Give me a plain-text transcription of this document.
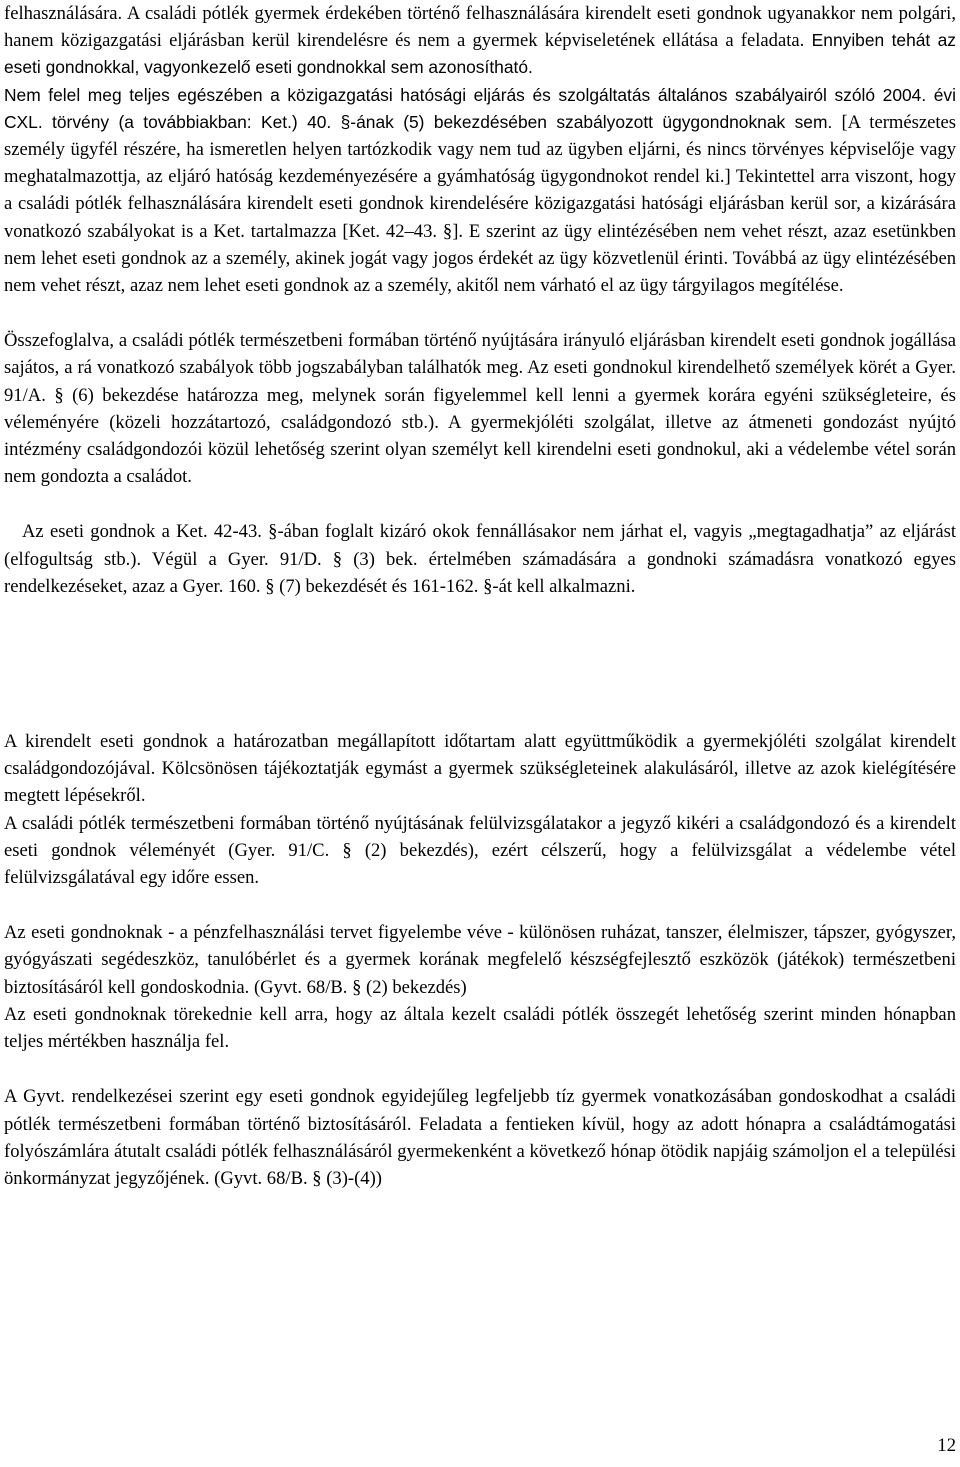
felhasználására. A családi pótlék gyermek érdekében történő felhasználására kirendelt eseti gondnok ugyanakkor nem polgári, hanem közigazgatási eljárásban kerül kirendelésre és nem a gyermek képviseletének ellátása a feladata. Ennyiben tehát az eseti gondnokkal, vagyonkezelő eseti gondnokkal sem azonosítható.

Nem felel meg teljes egészében a közigazgatási hatósági eljárás és szolgáltatás általános szabályairól szóló 2004. évi CXL. törvény (a továbbiakban: Ket.) 40. §-ának (5) bekezdésében szabályozott ügygondnoknak sem. [A természetes személy ügyfél részére, ha ismeretlen helyen tartózkodik vagy nem tud az ügyben eljárni, és nincs törvényes képviselője vagy meghatalmazottja, az eljáró hatóság kezdeményezésére a gyámhatóság ügygondnokot rendel ki.] Tekintettel arra viszont, hogy a családi pótlék felhasználására kirendelt eseti gondnok kirendelésére közigazgatási hatósági eljárásban kerül sor, a kizárására vonatkozó szabályokat is a Ket. tartalmazza [Ket. 42–43. §]. E szerint az ügy elintézésében nem vehet részt, azaz esetünkben nem lehet eseti gondnok az a személy, akinek jogát vagy jogos érdekét az ügy közvetlenül érinti. Továbbá az ügy elintézésében nem vehet részt, azaz nem lehet eseti gondnok az a személy, akitől nem várható el az ügy tárgyilagos megítélése.

Összefoglalva, a családi pótlék természetbeni formában történő nyújtására irányuló eljárásban kirendelt eseti gondnok jogállása sajátos, a rá vonatkozó szabályok több jogszabályban találhatók meg. Az eseti gondnokul kirendelhető személyek körét a Gyer. 91/A. § (6) bekezdése határozza meg, melynek során figyelemmel kell lenni a gyermek korára egyéni szükségleteire, és véleményére (közeli hozzátartozó, családgondozó stb.). A gyermekjóléti szolgálat, illetve az átmeneti gondozást nyújtó intézmény családgondozói közül lehetőség szerint olyan személyt kell kirendelni eseti gondnokul, aki a védelembe vétel során nem gondozta a családot.

Az eseti gondnok a Ket. 42-43. §-ában foglalt kizáró okok fennállásakor nem járhat el, vagyis „megtagadhatja” az eljárást (elfogultság stb.). Végül a Gyer. 91/D. § (3) bek. értelmében számadására a gondnoki számadásra vonatkozó egyes rendelkezéseket, azaz a Gyer. 160. § (7) bekezdését és 161-162. §-át kell alkalmazni.

A kirendelt eseti gondnok a határozatban megállapított időtartam alatt együttműködik a gyermekjóléti szolgálat kirendelt családgondozójával. Kölcsönösen tájékoztatják egymást a gyermek szükségleteinek alakulásáról, illetve az azok kielégítésére megtett lépésekről.

A családi pótlék természetbeni formában történő nyújtásának felülvizsgálatakor a jegyző kikéri a családgondozó és a kirendelt eseti gondnok véleményét (Gyer. 91/C. § (2) bekezdés), ezért célszerű, hogy a felülvizsgálat a védelembe vétel felülvizsgálatával egy időre essen.

Az eseti gondnoknak - a pénzfelhasználási tervet figyelembe véve - különösen ruházat, tanszer, élelmiszer, tápszer, gyógyszer, gyógyászati segédeszköz, tanulóbérlet és a gyermek korának megfelelő készségfejlesztő eszközök (játékok) természetbeni biztosításáról kell gondoskodnia. (Gyvt. 68/B. § (2) bekezdés)

Az eseti gondnoknak törekednie kell arra, hogy az általa kezelt családi pótlék összegét lehetőség szerint minden hónapban teljes mértékben használja fel.

A Gyvt. rendelkezései szerint egy eseti gondnok egyidejűleg legfeljebb tíz gyermek vonatkozásában gondoskodhat a családi pótlék természetbeni formában történő biztosításáról. Feladata a fentieken kívül, hogy az adott hónapra a családtámogatási folyószámlára átutalt családi pótlék felhasználásáról gyermekenként a következő hónap ötödik napjáig számoljon el a települési önkormányzat jegyzőjének. (Gyvt. 68/B. § (3)-(4))

12
